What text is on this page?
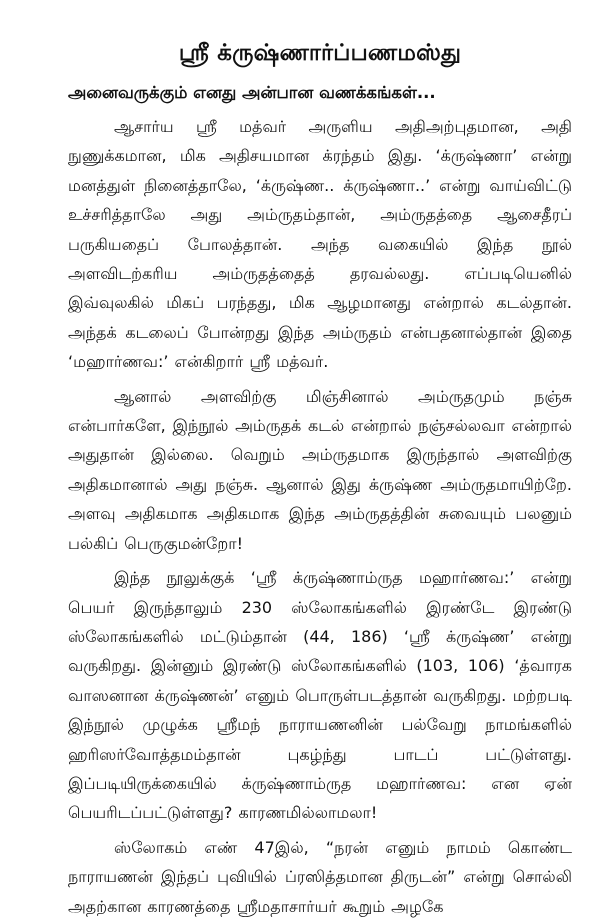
ஸ்ரீ க்ருஷ்ணார்ப்பணமஸ்து

அனைவருக்கும் எனது அன்பான வணக்கங்கள்...

ஆசார்ய ஸ்ரீ மத்வர் அருளிய அதிஅற்புதமான, அதி நுணுக்கமான, மிக அதிசயமான க்ரந்தம் இது. ‘க்ருஷ்ணா’ என்று மனத்துள் நினைத்தாலே, ‘க்ருஷ்ண.. க்ருஷ்ணா..’ என்று வாய்விட்டு உச்சரித்தாலே அது அம்ருதம்தான், அம்ருதத்தை ஆசைதீரப் பருகியதைப் போலத்தான். அந்த வகையில் இந்த நூல் அளவிடற்கரிய அம்ருதத்தைத் தரவல்லது. எப்படியெனில் இவ்வுலகில் மிகப் பரந்தது, மிக ஆழமானது என்றால் கடல்தான். அந்தக் கடலைப் போன்றது இந்த அம்ருதம் என்பதனால்தான் இதை ‘மஹார்ணவ:’ என்கிறார் ஸ்ரீ மத்வர்.

ஆனால் அளவிற்கு மிஞ்சினால் அம்ருதமும் நஞ்சு என்பார்களே, இந்நூல் அம்ருதக் கடல் என்றால் நஞ்சல்லவா என்றால் அதுதான் இல்லை. வெறும் அம்ருதமாக இருந்தால் அளவிற்கு அதிகமானால் அது நஞ்சு. ஆனால் இது க்ருஷ்ண அம்ருதமாயிற்றே. அளவு அதிகமாக அதிகமாக இந்த அம்ருதத்தின் சுவையும் பலனும் பல்கிப் பெருகுமன்றோ!

இந்த நூலுக்குக் ‘ஸ்ரீ க்ருஷ்ணாம்ருத மஹார்ணவ:’ என்று பெயர் இருந்தாலும் 230 ஸ்லோகங்களில் இரண்டே இரண்டு ஸ்லோகங்களில் மட்டும்தான் (44, 186) ‘ஸ்ரீ க்ருஷ்ண’ என்று வருகிறது. இன்னும் இரண்டு ஸ்லோகங்களில் (103, 106) ‘த்வாரக வாஸனான க்ருஷ்ணன்’ எனும் பொருள்படத்தான் வருகிறது. மற்றபடி இந்நூல் முழுக்க ஸ்ரீமந் நாராயணனின் பல்வேறு நாமங்களில் ஹரிஸர்வோத்தமம்தான் புகழ்ந்து பாடப் பட்டுள்ளது. இப்படியிருக்கையில் க்ருஷ்ணாம்ருத மஹார்ணவ: என ஏன் பெயரிடப்பட்டுள்ளது? காரணமில்லாமலா!

ஸ்லோகம் எண் 47இல், “நரன் எனும் நாமம் கொண்ட நாராயணன் இந்தப் புவியில் ப்ரஸித்தமான திருடன்” என்று சொல்லி அதற்கான காரணத்தை ஸ்ரீமதாசார்யர் கூறும் அழகே
